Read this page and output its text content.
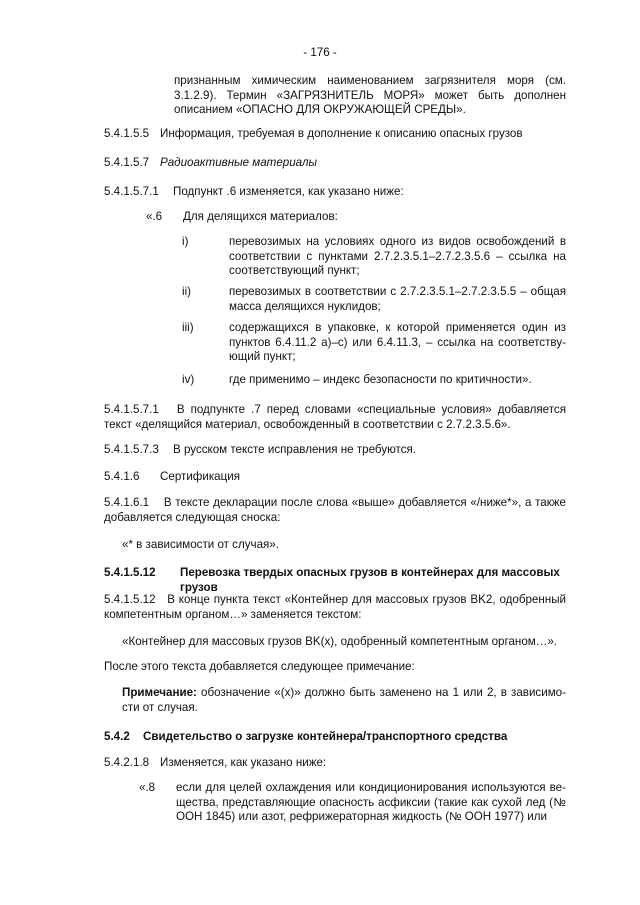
- 176 -

признанным химическим наименованием загрязнителя моря (см. 3.1.2.9). Термин «ЗАГРЯЗНИТЕЛЬ МОРЯ» может быть дополнен описанием «ОПАСНО ДЛЯ ОКРУЖАЮЩЕЙ СРЕДЫ».

5.4.1.5.5 Информация, требуемая в дополнение к описанию опасных грузов
5.4.1.5.7 Радиоактивные материалы
5.4.1.5.7.1 Подпункт .6 изменяется, как указано ниже:
«.6 Для делящихся материалов:
i)	перевозимых на условиях одного из видов освобождений в соответствии с пунктами 2.7.2.3.5.1–2.7.2.3.5.6 – ссылка на соответствующий пункт;
ii)	перевозимых в соответствии с 2.7.2.3.5.1–2.7.2.3.5.5 – общая масса делящихся нуклидов;
iii)	содержащихся в упаковке, к которой применяется один из пунктов 6.4.11.2 a)–c) или 6.4.11.3, – ссылка на соответствующий пункт;
iv)	где применимо – индекс безопасности по критичности».
5.4.1.5.7.1 В подпункте .7 перед словами «специальные условия» добавляется текст «делящийся материал, освобожденный в соответствии с 2.7.2.3.5.6».
5.4.1.5.7.3 В русском тексте исправления не требуются.
5.4.1.6 Сертификация
5.4.1.6.1 В тексте декларации после слова «выше» добавляется «/ниже*», а также добавляется следующая сноска:
«* в зависимости от случая».
5.4.1.5.12 Перевозка твердых опасных грузов в контейнерах для массовых грузов
5.4.1.5.12 В конце пункта текст «Контейнер для массовых грузов BK2, одобренный компетентным органом…» заменяется текстом:
«Контейнер для массовых грузов BK(x), одобренный компетентным органом…».
После этого текста добавляется следующее примечание:
Примечание: обозначение «(x)» должно быть заменено на 1 или 2, в зависимости от случая.
5.4.2 Свидетельство о загрузке контейнера/транспортного средства
5.4.2.1.8 Изменяется, как указано ниже:
«.8 если для целей охлаждения или кондиционирования используются вещества, представляющие опасность асфиксии (такие как сухой лед (№ ООН 1845) или азот, рефрижераторная жидкость (№ ООН 1977) или
